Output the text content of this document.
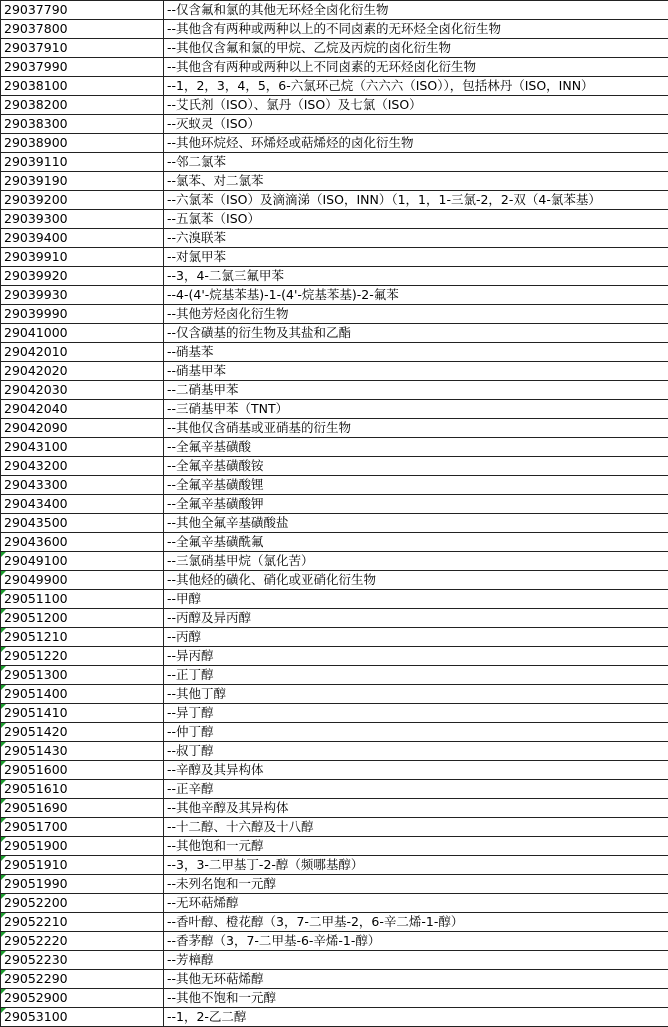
29037790	--仅含氟和氯的其他无环烃全卤化衍生物
29037800	--其他含有两种或两种以上的不同卤素的无环烃全卤化衍生物
29037910	--其他仅含氟和氯的甲烷、乙烷及丙烷的卤化衍生物
29037990	--其他含有两种或两种以上不同卤素的无环烃卤化衍生物
29038100	--1，2，3，4，5，6-六氯环己烷（六六六（ISO）），包括林丹（ISO，INN）
29038200	--艾氏剂（ISO）、氯丹（ISO）及七氯（ISO）
29038300	--灭蚁灵（ISO）
29038900	--其他环烷烃、环烯烃或萜烯烃的卤化衍生物
29039110	--邻二氯苯
29039190	--氯苯、对二氯苯
29039200	--六氯苯（ISO）及滴滴涕（ISO，INN）（1，1，1-三氯-2，2-双（4-氯苯基）
29039300	--五氯苯（ISO）
29039400	--六溴联苯
29039910	--对氯甲苯
29039920	--3，4-二氯三氟甲苯
29039930	--4-(4'-烷基苯基)-1-(4'-烷基苯基)-2-氟苯
29039990	--其他芳烃卤化衍生物
29041000	--仅含磺基的衍生物及其盐和乙酯
29042010	--硝基苯
29042020	--硝基甲苯
29042030	--二硝基甲苯
29042040	--三硝基甲苯（TNT）
29042090	--其他仅含硝基或亚硝基的衍生物
29043100	--全氟辛基磺酸
29043200	--全氟辛基磺酸铵
29043300	--全氟辛基磺酸锂
29043400	--全氟辛基磺酸钾
29043500	--其他全氟辛基磺酸盐
29043600	--全氟辛基磺酰氟
29049100	--三氯硝基甲烷（氯化苦）
29049900	--其他烃的磺化、硝化或亚硝化衍生物
29051100	--甲醇
29051200	--丙醇及异丙醇
29051210	--丙醇
29051220	--异丙醇
29051300	--正丁醇
29051400	--其他丁醇
29051410	--异丁醇
29051420	--仲丁醇
29051430	--叔丁醇
29051600	--辛醇及其异构体
29051610	--正辛醇
29051690	--其他辛醇及其异构体
29051700	--十二醇、十六醇及十八醇
29051900	--其他饱和一元醇
29051910	--3，3-二甲基丁-2-醇（频哪基醇）
29051990	--未列名饱和一元醇
29052200	--无环萜烯醇
29052210	--香叶醇、橙花醇（3，7-二甲基-2，6-辛二烯-1-醇）
29052220	--香茅醇（3，7-二甲基-6-辛烯-1-醇）
29052230	--芳樟醇
29052290	--其他无环萜烯醇
29052900	--其他不饱和一元醇
29053100	--1，2-乙二醇
